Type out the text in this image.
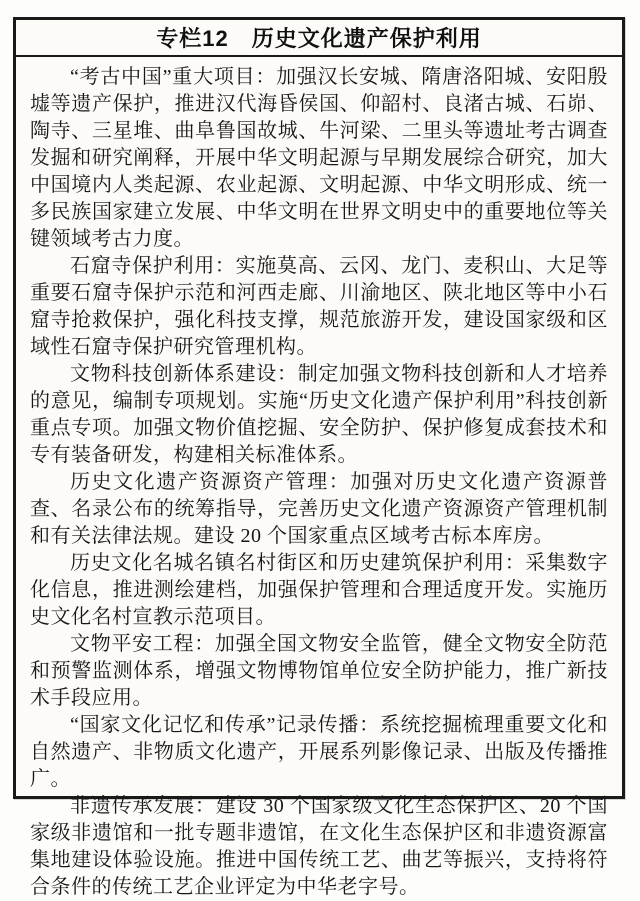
专栏12　历史文化遗产保护利用

“考古中国”重大项目：加强汉长安城、隋唐洛阳城、安阳殷墟等遗产保护，推进汉代海昏侯国、仰韶村、良渚古城、石峁、陶寺、三星堆、曲阜鲁国故城、牛河梁、二里头等遗址考古调查发掘和研究阐释，开展中华文明起源与早期发展综合研究，加大中国境内人类起源、农业起源、文明起源、中华文明形成、统一多民族国家建立发展、中华文明在世界文明史中的重要地位等关键领域考古力度。

石窟寺保护利用：实施莫高、云冈、龙门、麦积山、大足等重要石窟寺保护示范和河西走廊、川渝地区、陕北地区等中小石窟寺抢救保护，强化科技支撑，规范旅游开发，建设国家级和区域性石窟寺保护研究管理机构。

文物科技创新体系建设：制定加强文物科技创新和人才培养的意见，编制专项规划。实施“历史文化遗产保护利用”科技创新重点专项。加强文物价值挖掘、安全防护、保护修复成套技术和专有装备研发，构建相关标准体系。

历史文化遗产资源资产管理：加强对历史文化遗产资源普查、名录公布的统筹指导，完善历史文化遗产资源资产管理机制和有关法律法规。建设 20 个国家重点区域考古标本库房。

历史文化名城名镇名村街区和历史建筑保护利用：采集数字化信息，推进测绘建档，加强保护管理和合理适度开发。实施历史文化名村宣教示范项目。

文物平安工程：加强全国文物安全监管，健全文物安全防范和预警监测体系，增强文物博物馆单位安全防护能力，推广新技术手段应用。

“国家文化记忆和传承”记录传播：系统挖掘梳理重要文化和自然遗产、非物质文化遗产，开展系列影像记录、出版及传播推广。

非遗传承发展：建设 30 个国家级文化生态保护区、20 个国家级非遗馆和一批专题非遗馆，在文化生态保护区和非遗资源富集地建设体验设施。推进中国传统工艺、曲艺等振兴，支持将符合条件的传统工艺企业评定为中华老字号。
